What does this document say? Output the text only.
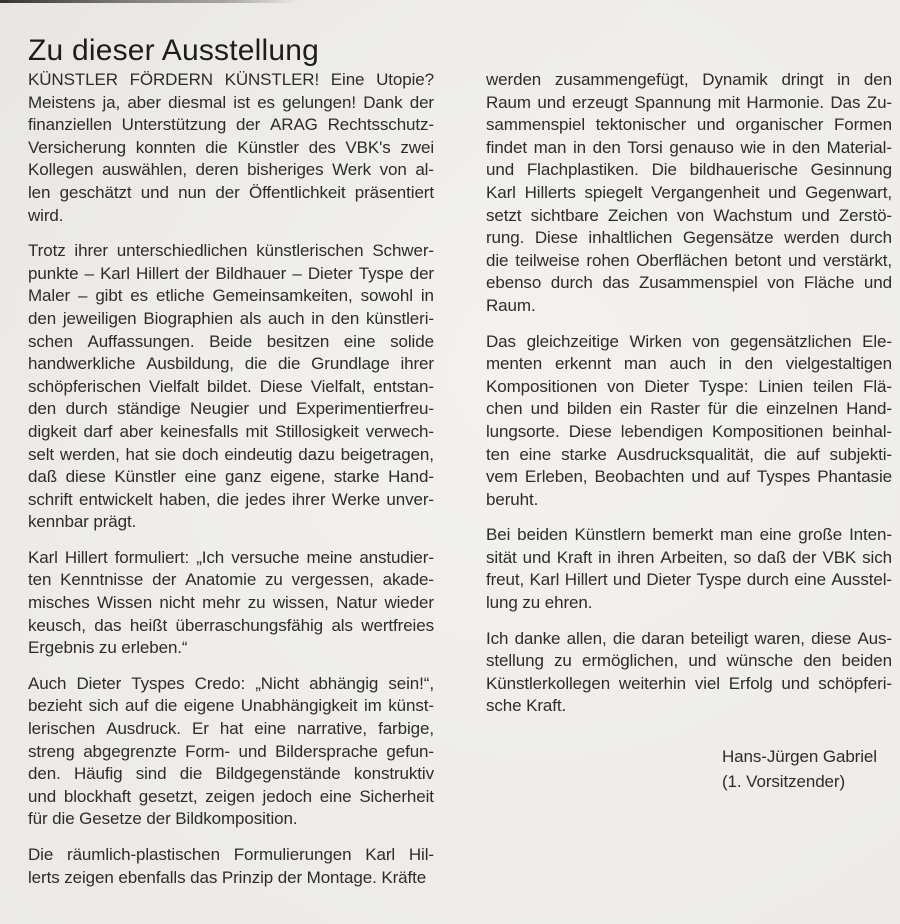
Zu dieser Ausstellung
KÜNSTLER FÖRDERN KÜNSTLER! Eine Utopie?
Meistens ja, aber diesmal ist es gelungen! Dank der
finanziellen Unterstützung der ARAG Rechtsschutz-
Versicherung konnten die Künstler des VBK's zwei
Kollegen auswählen, deren bisheriges Werk von al-
len geschätzt und nun der Öffentlichkeit präsentiert
wird.
Trotz ihrer unterschiedlichen künstlerischen Schwer-
punkte – Karl Hillert der Bildhauer – Dieter Tyspe der
Maler – gibt es etliche Gemeinsamkeiten, sowohl in
den jeweiligen Biographien als auch in den künstleri-
schen Auffassungen. Beide besitzen eine solide
handwerkliche Ausbildung, die die Grundlage ihrer
schöpferischen Vielfalt bildet. Diese Vielfalt, entstan-
den durch ständige Neugier und Experimentierfreu-
digkeit darf aber keinesfalls mit Stillosigkeit verwech-
selt werden, hat sie doch eindeutig dazu beigetragen,
daß diese Künstler eine ganz eigene, starke Hand-
schrift entwickelt haben, die jedes ihrer Werke unver-
kennbar prägt.
Karl Hillert formuliert: „Ich versuche meine anstudier-
ten Kenntnisse der Anatomie zu vergessen, akade-
misches Wissen nicht mehr zu wissen, Natur wieder
keusch, das heißt überraschungsfähig als wertfreies
Ergebnis zu erleben.“
Auch Dieter Tyspes Credo: „Nicht abhängig sein!“,
bezieht sich auf die eigene Unabhängigkeit im künst-
lerischen Ausdruck. Er hat eine narrative, farbige,
streng abgegrenzte Form- und Bildersprache gefun-
den. Häufig sind die Bildgegenstände konstruktiv
und blockhaft gesetzt, zeigen jedoch eine Sicherheit
für die Gesetze der Bildkomposition.
Die räumlich-plastischen Formulierungen Karl Hil-
lerts zeigen ebenfalls das Prinzip der Montage. Kräfte
werden zusammengefügt, Dynamik dringt in den
Raum und erzeugt Spannung mit Harmonie. Das Zu-
sammenspiel tektonischer und organischer Formen
findet man in den Torsi genauso wie in den Material-
und Flachplastiken. Die bildhauerische Gesinnung
Karl Hillerts spiegelt Vergangenheit und Gegenwart,
setzt sichtbare Zeichen von Wachstum und Zerstö-
rung. Diese inhaltlichen Gegensätze werden durch
die teilweise rohen Oberflächen betont und verstärkt,
ebenso durch das Zusammenspiel von Fläche und
Raum.
Das gleichzeitige Wirken von gegensätzlichen Ele-
menten erkennt man auch in den vielgestaltigen
Kompositionen von Dieter Tyspe: Linien teilen Flä-
chen und bilden ein Raster für die einzelnen Hand-
lungsorte. Diese lebendigen Kompositionen beinhal-
ten eine starke Ausdrucksqualität, die auf subjekti-
vem Erleben, Beobachten und auf Tyspes Phantasie
beruht.
Bei beiden Künstlern bemerkt man eine große Inten-
sität und Kraft in ihren Arbeiten, so daß der VBK sich
freut, Karl Hillert und Dieter Tyspe durch eine Ausstel-
lung zu ehren.
Ich danke allen, die daran beteiligt waren, diese Aus-
stellung zu ermöglichen, und wünsche den beiden
Künstlerkollegen weiterhin viel Erfolg und schöpferi-
sche Kraft.
Hans-Jürgen Gabriel
(1. Vorsitzender)
